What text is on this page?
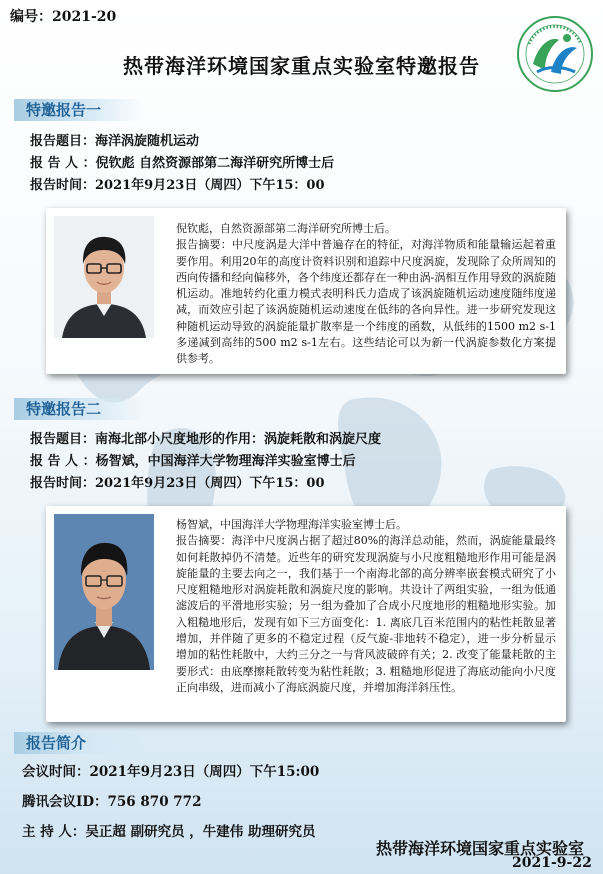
编号：2021-20
热带海洋环境国家重点实验室特邀报告
特邀报告一
报告题目：海洋涡旋随机运动
报 告 人 ：倪钦彪 自然资源部第二海洋研究所博士后
报告时间：2021年9月23日（周四）下午15：00

倪钦彪，自然资源部第二海洋研究所博士后。

报告摘要：中尺度涡是大洋中普遍存在的特征，对海洋物质和能量输运起着重要作用。利用20年的高度计资料识别和追踪中尺度涡旋，发现除了众所周知的西向传播和经向偏移外，各个纬度还都存在一种由涡-涡相互作用导致的涡旋随机运动。准地转约化重力模式表明科氏力造成了该涡旋随机运动速度随纬度递减，而效应引起了该涡旋随机运动速度在低纬的各向异性。进一步研究发现这种随机运动导致的涡旋能量扩散率是一个纬度的函数，从低纬的1500 m2 s-1多递减到高纬的500 m2 s-1左右。这些结论可以为新一代涡旋参数化方案提供参考。

特邀报告二
报告题目：南海北部小尺度地形的作用：涡旋耗散和涡旋尺度
报 告 人 ：杨智斌，中国海洋大学物理海洋实验室博士后
报告时间：2021年9月23日（周四）下午15：00

杨智斌，中国海洋大学物理海洋实验室博士后。

报告摘要：海洋中尺度涡占据了超过80%的海洋总动能，然而，涡旋能量最终如何耗散掉仍不清楚。近些年的研究发现涡旋与小尺度粗糙地形作用可能是涡旋能量的主要去向之一，我们基于一个南海北部的高分辨率嵌套模式研究了小尺度粗糙地形对涡旋耗散和涡旋尺度的影响。共设计了两组实验，一组为低通滤波后的平滑地形实验；另一组为叠加了合成小尺度地形的粗糙地形实验。加入粗糙地形后，发现有如下三方面变化：1. 离底几百米范围内的粘性耗散显著增加，并伴随了更多的不稳定过程（反气旋-非地转不稳定），进一步分析显示增加的粘性耗散中，大约三分之一与背风波破碎有关；2. 改变了能量耗散的主要形式：由底摩擦耗散转变为粘性耗散；3. 粗糙地形促进了海底动能向小尺度正向串级，进而减小了海底涡旋尺度，并增加海洋斜压性。

报告简介
会议时间：2021年9月23日（周四）下午15:00
腾讯会议ID：756 870 772
主 持 人：吴正超 副研究员 ，牛建伟 助理研究员
热带海洋环境国家重点实验室
2021-9-22
